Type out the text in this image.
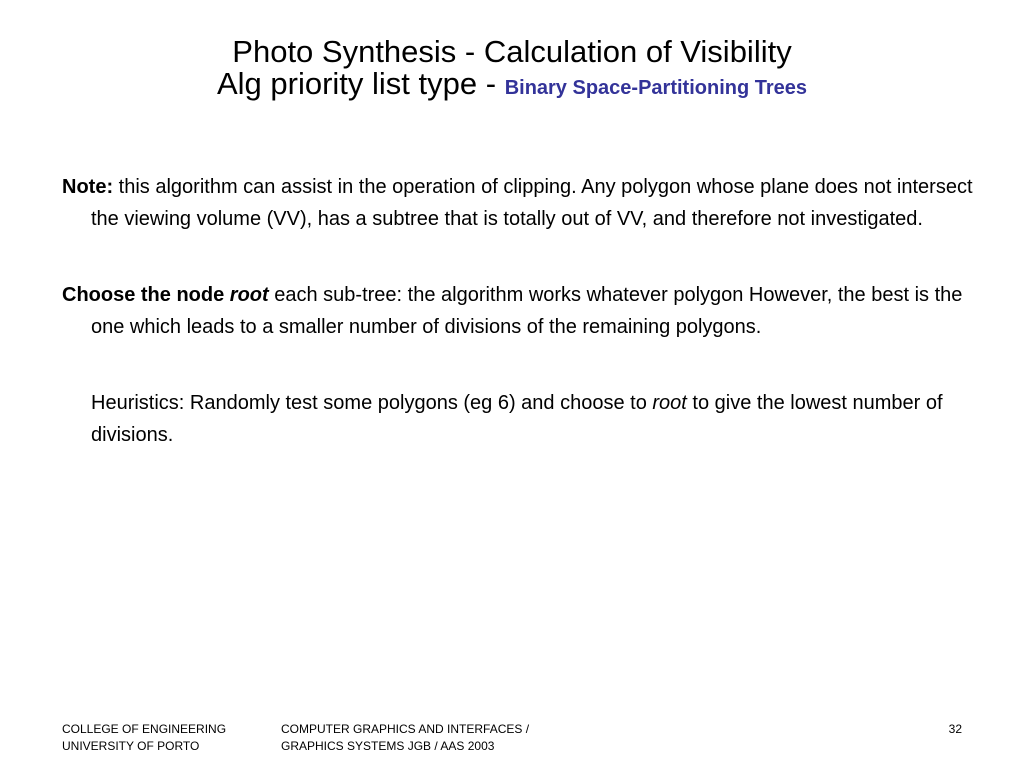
Photo Synthesis - Calculation of Visibility
Alg priority list type - Binary Space-Partitioning Trees

Note: this algorithm can assist in the operation of clipping. Any polygon whose plane does not intersect the viewing volume (VV), has a subtree that is totally out of VV, and therefore not investigated.

Choose the node root each sub-tree: the algorithm works whatever polygon However, the best is the one which leads to a smaller number of divisions of the remaining polygons.

Heuristics: Randomly test some polygons (eg 6) and choose to root to give the lowest number of divisions.

COLLEGE OF ENGINEERING
UNIVERSITY OF PORTO
COMPUTER GRAPHICS AND INTERFACES /
GRAPHICS SYSTEMS JGB / AAS 2003
32
